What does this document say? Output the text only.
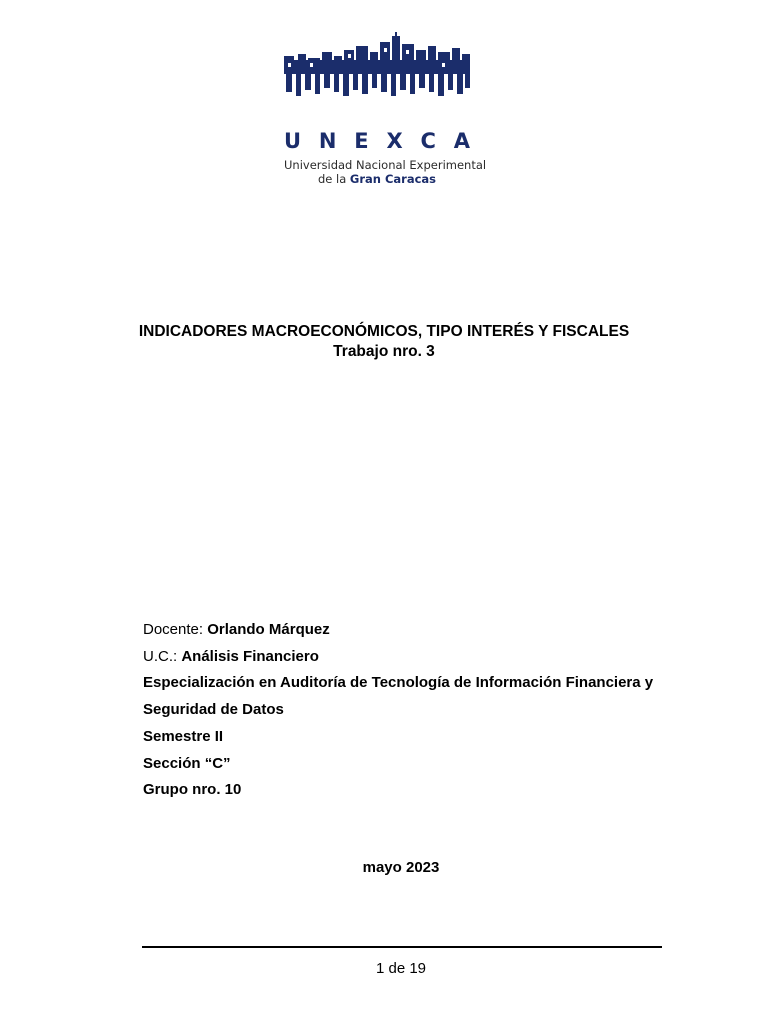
U N E X C A
Universidad Nacional Experimental
de la Gran Caracas
INDICADORES MACROECONÓMICOS, TIPO INTERÉS Y FISCALES
Trabajo nro. 3
Docente: Orlando Márquez
U.C.: Análisis Financiero
Especialización en Auditoría de Tecnología de Información Financiera y
Seguridad de Datos
Semestre II
Sección “C”
Grupo nro. 10
mayo 2023
1 de 19
